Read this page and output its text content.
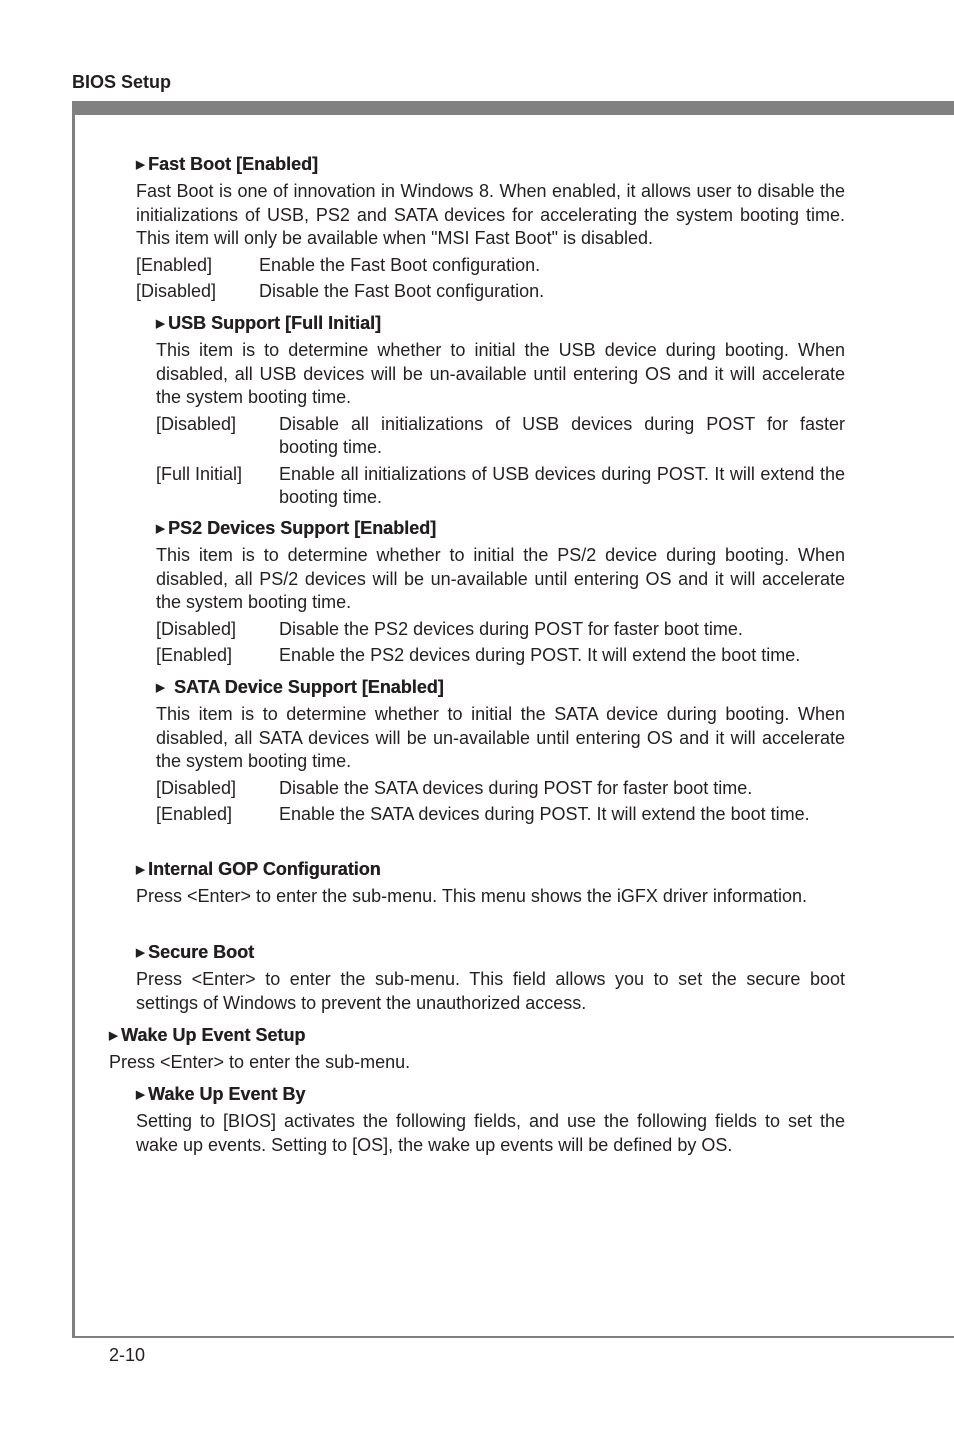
BIOS Setup
▶ Fast Boot [Enabled]
Fast Boot is one of innovation in Windows 8. When enabled, it allows user to disable the initializations of USB, PS2 and SATA devices for accelerating the system booting time. This item will only be available when "MSI Fast Boot" is disabled.
[Enabled]	Enable the Fast Boot configuration.
[Disabled]	Disable the Fast Boot configuration.
▶ USB Support [Full Initial]
This item is to determine whether to initial the USB device during booting. When disabled, all USB devices will be un-available until entering OS and it will accelerate the system booting time.
[Disabled]	Disable all initializations of USB devices during POST for faster booting time.
[Full Initial]	Enable all initializations of USB devices during POST. It will extend the booting time.
▶ PS2 Devices Support [Enabled]
This item is to determine whether to initial the PS/2 device during booting. When disabled, all PS/2 devices will be un-available until entering OS and it will accelerate the system booting time.
[Disabled]	Disable the PS2 devices during POST for faster boot time.
[Enabled]	Enable the PS2 devices during POST. It will extend the boot time.
▶ SATA Device Support [Enabled]
This item is to determine whether to initial the SATA device during booting. When disabled, all SATA devices will be un-available until entering OS and it will accelerate the system booting time.
[Disabled]	Disable the SATA devices during POST for faster boot time.
[Enabled]	Enable the SATA devices during POST. It will extend the boot time.
▶ Internal GOP Configuration
Press <Enter> to enter the sub-menu. This menu shows the iGFX driver information.
▶ Secure Boot
Press <Enter> to enter the sub-menu. This field allows you to set the secure boot settings of Windows to prevent the unauthorized access.
▶ Wake Up Event Setup
Press <Enter> to enter the sub-menu.
▶ Wake Up Event By
Setting to [BIOS] activates the following fields, and use the following fields to set the wake up events. Setting to [OS], the wake up events will be defined by OS.
2-10
